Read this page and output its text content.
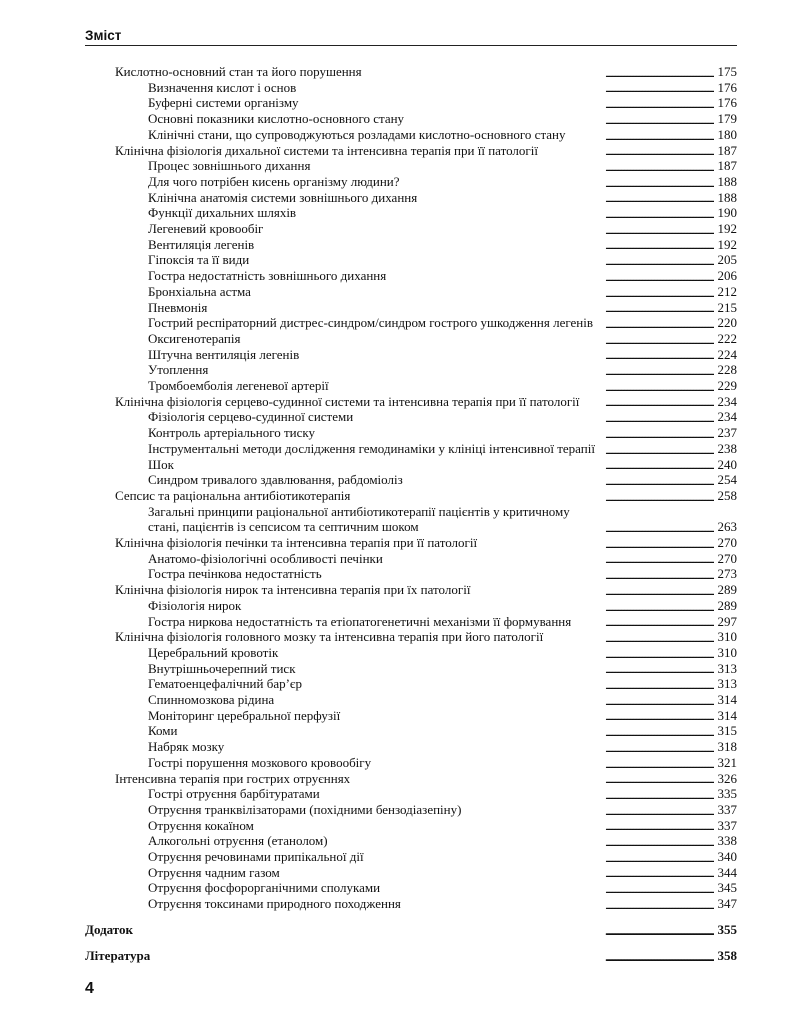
Зміст
Кислотно-основний стан та його порушення . . .	175
Визначення кислот і основ . . .	176
Буферні системи організму . . .	176
Основні показники кислотно-основного стану . . .	179
Клінічні стани, що супроводжуються розладами кислотно-основного стану . . .	180
Клінічна фізіологія дихальної системи та інтенсивна терапія при її патології . . .	187
Процес зовнішнього дихання . . .	187
Для чого потрібен кисень організму людини? . . .	188
Клінічна анатомія системи зовнішнього дихання . . .	188
Функції дихальних шляхів . . .	190
Легеневий кровообіг . . .	192
Вентиляція легенів . . .	192
Гіпоксія та її види . . .	205
Гостра недостатність зовнішнього дихання . . .	206
Бронхіальна астма . . .	212
Пневмонія . . .	215
Гострий респіраторний дистрес-синдром/синдром гострого ушкодження легенів . . .	220
Оксигенотерапія . . .	222
Штучна вентиляція легенів . . .	224
Утоплення . . .	228
Тромбоемболія легеневої артерії . . .	229
Клінічна фізіологія серцево-судинної системи та інтенсивна терапія при її патології . . .	234
Фізіологія серцево-судинної системи . . .	234
Контроль артеріального тиску . . .	237
Інструментальні методи дослідження гемодинаміки у клініці інтенсивної терапії . . .	238
Шок . . .	240
Синдром тривалого здавлювання, рабдоміоліз . . .	254
Сепсис та раціональна антибіотикотерапія . . .	258
Загальні принципи раціональної антибіотикотерапії пацієнтів у критичному
стані, пацієнтів із сепсисом та септичним шоком . . .	263
Клінічна фізіологія печінки та інтенсивна терапія при її патології . . .	270
Анатомо-фізіологічні особливості печінки . . .	270
Гостра печінкова недостатність . . .	273
Клінічна фізіологія нирок та інтенсивна терапія при їх патології . . .	289
Фізіологія нирок . . .	289
Гостра ниркова недостатність та етіопатогенетичні механізми її формування . . .	297
Клінічна фізіологія головного мозку та інтенсивна терапія при його патології . . .	310
Церебральний кровотік . . .	310
Внутрішньочерепний тиск . . .	313
Гематоенцефалічний бар’єр . . .	313
Спинномозкова рідина . . .	314
Моніторинг церебральної перфузії . . .	314
Коми . . .	315
Набряк мозку . . .	318
Гострі порушення мозкового кровообігу . . .	321
Інтенсивна терапія при гострих отруєннях . . .	326
Гострі отруєння барбітуратами . . .	335
Отруєння транквілізаторами (похідними бензодіазепіну) . . .	337
Отруєння кокаїном . . .	337
Алкогольні отруєння (етанолом) . . .	338
Отруєння речовинами припікальної дії . . .	340
Отруєння чадним газом . . .	344
Отруєння фосфорорганічними сполуками . . .	345
Отруєння токсинами природного походження . . .	347
Додаток . . .	355
Література . . .	358
4
